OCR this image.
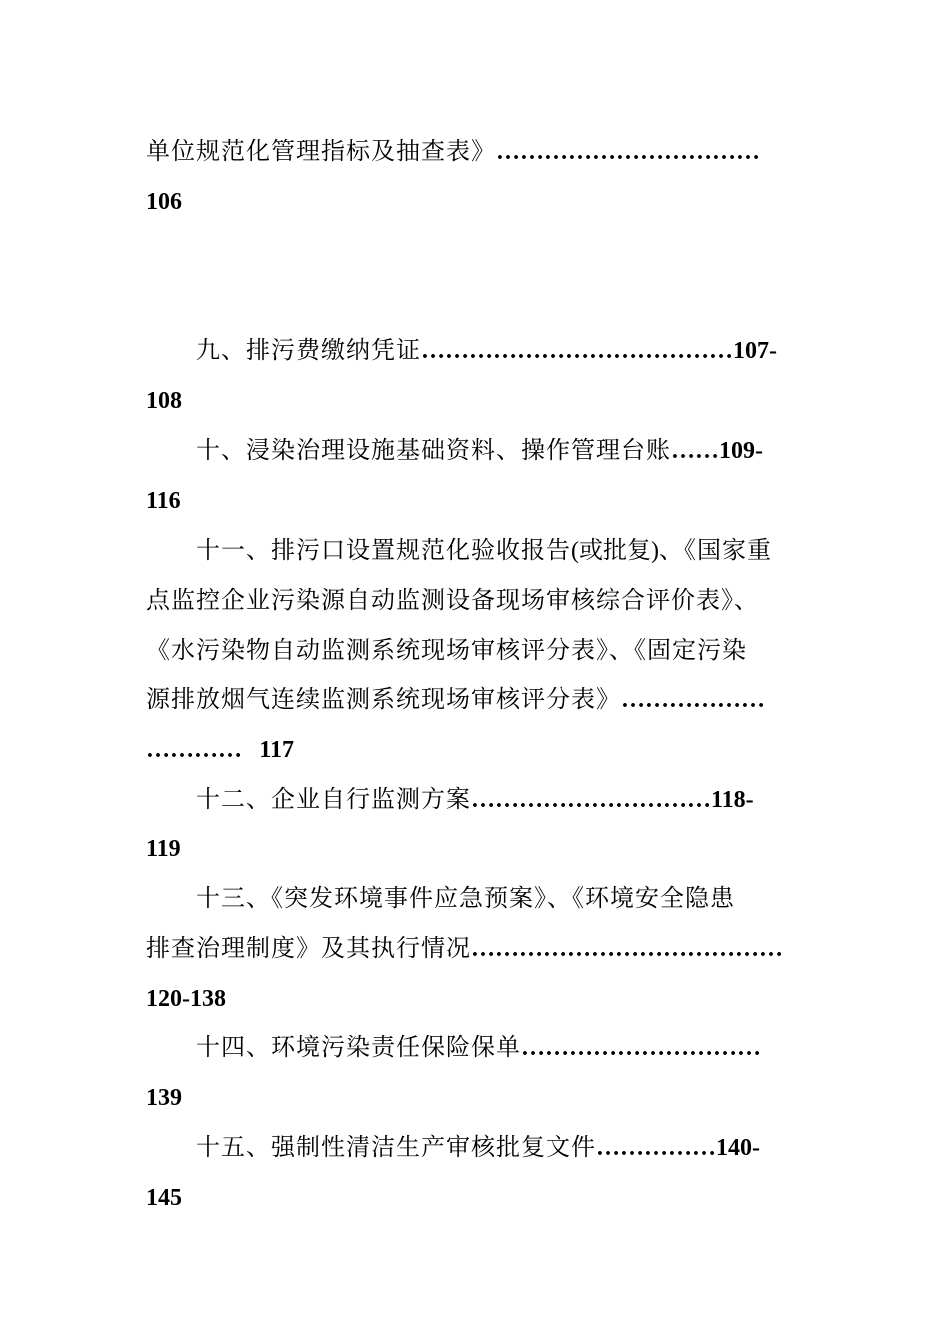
单位规范化管理指标及抽查表》……………………………
106
九、排污费缴纳凭证…………………………………107-
108
十、浸染治理设施基础资料、操作管理台账……109-
116
十一、排污口设置规范化验收报告(或批复)、《国家重
点监控企业污染源自动监测设备现场审核综合评价表》、
《水污染物自动监测系统现场审核评分表》、《固定污染
源排放烟气连续监测系统现场审核评分表》………………
………… 117
十二、企业自行监测方案…………………………118-
119
十三、《突发环境事件应急预案》、《环境安全隐患
排查治理制度》及其执行情况…………………………………
120-138
十四、环境污染责任保险保单…………………………
139
十五、强制性清洁生产审核批复文件……………140-
145
